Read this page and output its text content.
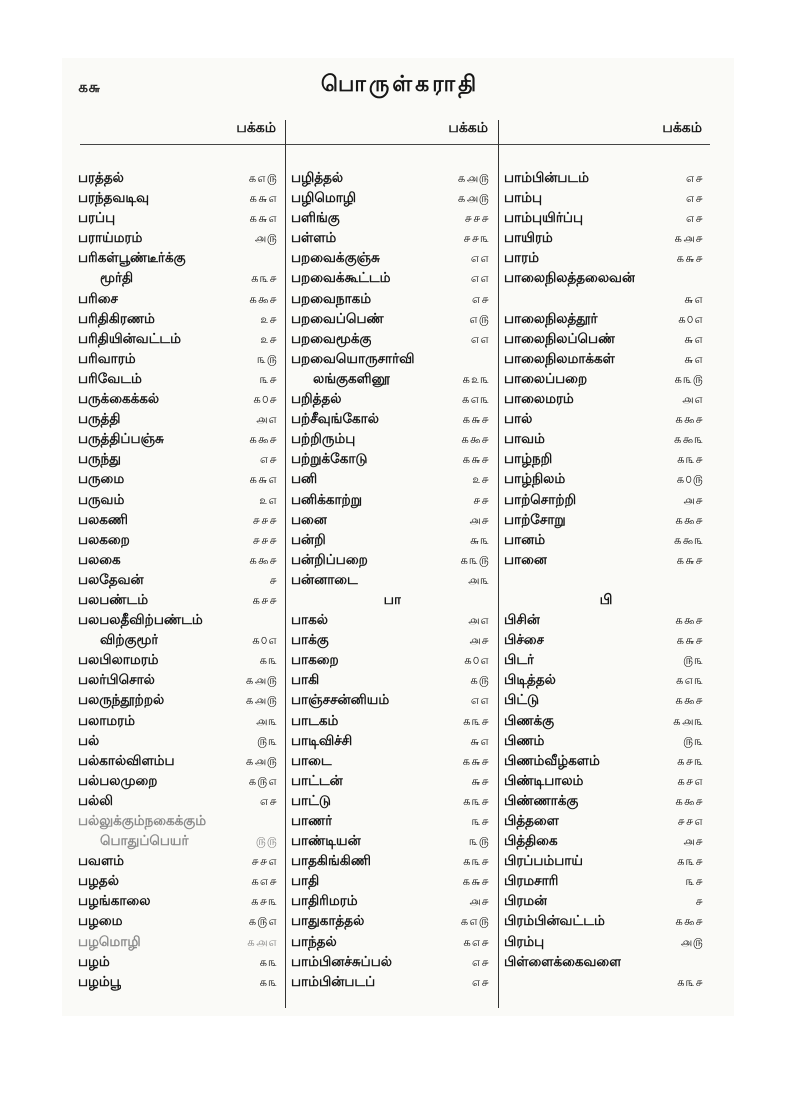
௧௬	பொருள்கராதி
பக்கம்
பரத்தல்	௧௭௫
பரந்தவடிவு	௧௬௭
பரப்பு	௧௬௭
பராய்மரம்	௮௫
பரிகள்பூண்டீர்க்கு
மூர்தி	௧௩௪
பரிசை	௧௯௪
பரிதிகிரணம்	௨௪
பரிதியின்வட்டம்	௨௪
பரிவாரம்	௩௫
பரிவேடம்	௩௪
பருக்கைக்கல்	௧௦௪
பருத்தி	௮௭
பருத்திப்பஞ்சு	௧௯௪
பருந்து	௭௪
பருமை	௧௬௭
பருவம்	௨௭
பலகணி	௪௪௪
பலகறை	௪௪௪
பலகை	௧௯௪
பலதேவன்	௪
பலபண்டம்	௧௪௪
பலபலதீவிற்பண்டம்
விற்குமூர்	௧௦௭
பலபிலாமரம்	௧௩
பலர்பிசொல்	௧௮௫
பலருந்தூற்றல்	௧௮௫
பலாமரம்	௮௩
பல்	௫௩
பல்கால்விளம்ப	௧௮௫
பல்பலமுறை	௧௫௭
பல்லி	௭௪
பல்லுக்கும்நகைக்கும்
பொதுப்பெயர்	௫௫
பவளம்	௪௪௭
பழதல்	௧௭௪
பழங்காலை	௧௪௩
பழமை	௧௫௭
பழமொழி	௧௮௭
பழம்	௧௩
பழம்பூ	௧௩
பக்கம்
பழித்தல்	௧௮௫
பழிமொழி	௧௮௫
பளிங்கு	௪௪௪
பள்ளம்	௪௪௩
பறவைக்குஞ்சு	௭௭
பறவைக்கூட்டம்	௭௭
பறவைநாகம்	௭௪
பறவைப்பெண்	௭௫
பறவைமூக்கு	௭௭
பறவையொருசார்வி
லங்குகளினூ	௧௨௩
பறித்தல்	௧௭௩
பற்சீவுங்கோல்	௧௬௪
பற்றிரும்பு	௧௯௪
பற்றுக்கோடு	௧௬௪
பனி	௨௪
பனிக்காற்று	௪௪
பனை	௮௪
பன்றி	௬௩
பன்றிப்பறை	௧௩௫
பன்னாடை	௮௩
பா
பாகல்	௮௭
பாக்கு	௮௪
பாகறை	௧௦௭
பாகி	௧௫
பாஞ்சசன்னியம்	௭௭
பாடகம்	௧௩௪
பாடிவிச்சி	௬௭
பாடை	௧௬௪
பாட்டன்	௬௪
பாட்டு	௧௩௪
பாணர்	௩௪
பாண்டியன்	௩௫
பாதகிங்கிணி	௧௩௪
பாதி	௧௬௪
பாதிரிமரம்	௮௪
பாதுகாத்தல்	௧௭௫
பாந்தல்	௧௭௪
பாம்பினச்சுப்பல்	௭௪
பாம்பின்படப்	௭௪
பக்கம்
பாம்பின்படம்	௭௪
பாம்பு	௭௪
பாம்புயிர்ப்பு	௭௪
பாயிரம்	௧௮௪
பாரம்	௧௬௪
பாலைநிலத்தலைவன்
௬௭
பாலைநிலத்தூர்	௧௦௭
பாலைநிலப்பெண்	௬௭
பாலைநிலமாக்கள்	௬௭
பாலைப்பறை	௧௩௫
பாலைமரம்	௮௭
பால்	௧௯௪
பாவம்	௧௯௩
பாழ்நறி	௧௩௪
பாழ்நிலம்	௧௦௫
பாற்சொற்றி	௮௪
பாற்சோறு	௧௯௪
பானம்	௧௯௩
பானை	௧௬௪
பி
பிசின்	௧௯௪
பிச்சை	௧௬௪
பிடர்	௫௩
பிடித்தல்	௧௭௩
பிட்டு	௧௯௪
பிணக்கு	௧௮௩
பிணம்	௫௩
பிணம்வீழ்களம்	௧௪௩
பிண்டிபாலம்	௧௪௭
பிண்ணாக்கு	௧௯௪
பித்தளை	௪௪௭
பித்திகை	௮௪
பிரப்பம்பாய்	௧௩௪
பிரமசாரி	௩௪
பிரமன்	௪
பிரம்பின்வட்டம்	௧௯௪
பிரம்பு	௮௫
பிள்ளைக்கைவளை
௧௩௪
